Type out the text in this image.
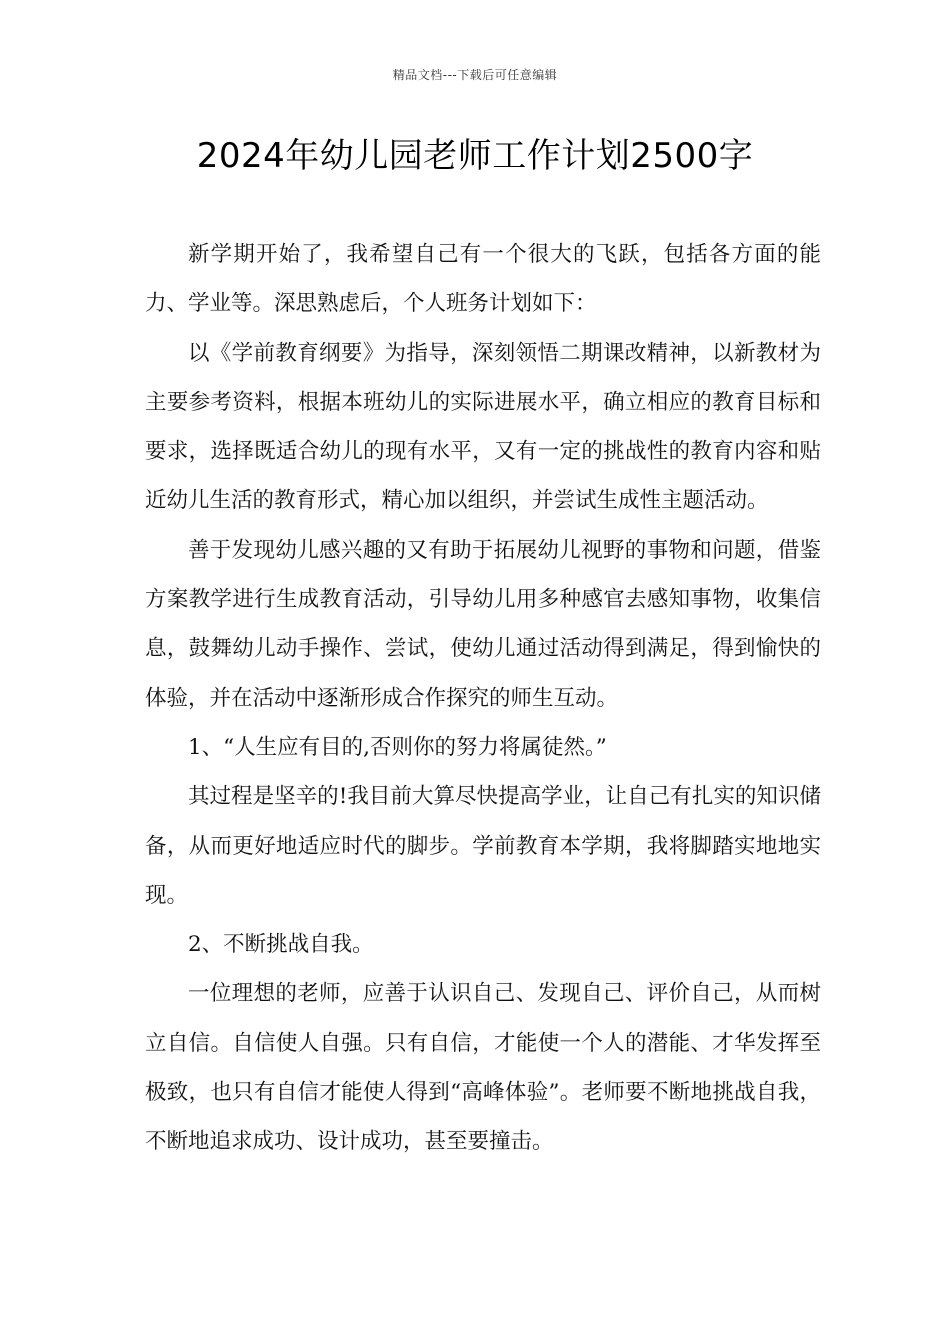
精品文档---下载后可任意编辑
2024年幼儿园老师工作计划2500字

新学期开始了，我希望自己有一个很大的飞跃，包括各方面的能力、学业等。深思熟虑后，个人班务计划如下：

以《学前教育纲要》为指导，深刻领悟二期课改精神，以新教材为主要参考资料，根据本班幼儿的实际进展水平，确立相应的教育目标和要求，选择既适合幼儿的现有水平，又有一定的挑战性的教育内容和贴近幼儿生活的教育形式，精心加以组织，并尝试生成性主题活动。

善于发现幼儿感兴趣的又有助于拓展幼儿视野的事物和问题，借鉴方案教学进行生成教育活动，引导幼儿用多种感官去感知事物，收集信息，鼓舞幼儿动手操作、尝试，使幼儿通过活动得到满足，得到愉快的体验，并在活动中逐渐形成合作探究的师生互动。

1、“人生应有目的,否则你的努力将属徒然。”

其过程是坚辛的!我目前大算尽快提高学业，让自己有扎实的知识储备，从而更好地适应时代的脚步。学前教育本学期，我将脚踏实地地实现。

2、不断挑战自我。

一位理想的老师，应善于认识自己、发现自己、评价自己，从而树立自信。自信使人自强。只有自信，才能使一个人的潜能、才华发挥至极致，也只有自信才能使人得到“高峰体验”。老师要不断地挑战自我，不断地追求成功、设计成功，甚至要撞击。
